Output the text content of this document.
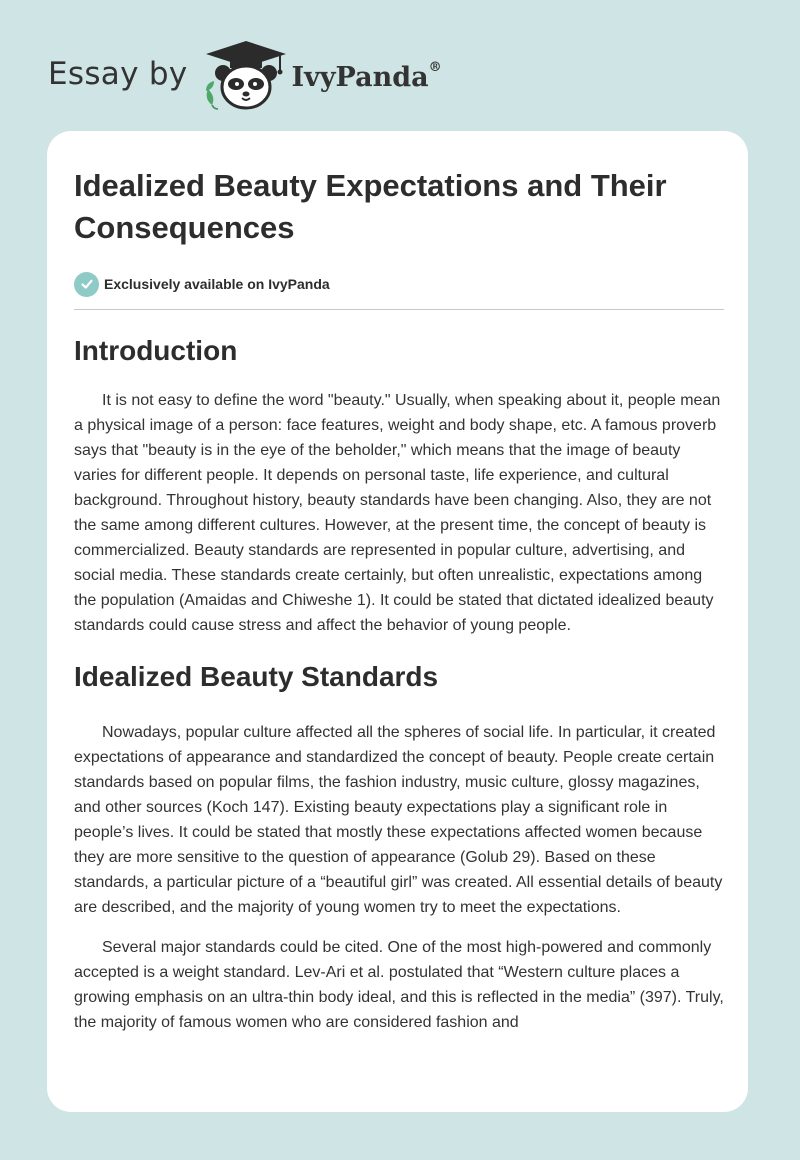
Essay by	IvyPanda®
Idealized Beauty Expectations and Their Consequences
Exclusively available on IvyPanda
Introduction

It is not easy to define the word "beauty." Usually, when speaking about it, people mean a physical image of a person: face features, weight and body shape, etc. A famous proverb says that "beauty is in the eye of the beholder," which means that the image of beauty varies for different people. It depends on personal taste, life experience, and cultural background. Throughout history, beauty standards have been changing. Also, they are not the same among different cultures. However, at the present time, the concept of beauty is commercialized. Beauty standards are represented in popular culture, advertising, and social media. These standards create certainly, but often unrealistic, expectations among the population (Amaidas and Chiweshe 1). It could be stated that dictated idealized beauty standards could cause stress and affect the behavior of young people.

Idealized Beauty Standards

Nowadays, popular culture affected all the spheres of social life. In particular, it created expectations of appearance and standardized the concept of beauty. People create certain standards based on popular films, the fashion industry, music culture, glossy magazines, and other sources (Koch 147). Existing beauty expectations play a significant role in people’s lives. It could be stated that mostly these expectations affected women because they are more sensitive to the question of appearance (Golub 29). Based on these standards, a particular picture of a “beautiful girl” was created. All essential details of beauty are described, and the majority of young women try to meet the expectations.

Several major standards could be cited. One of the most high-powered and commonly accepted is a weight standard. Lev-Ari et al. postulated that “Western culture places a growing emphasis on an ultra-thin body ideal, and this is reflected in the media” (397). Truly, the majority of famous women who are considered fashion and
